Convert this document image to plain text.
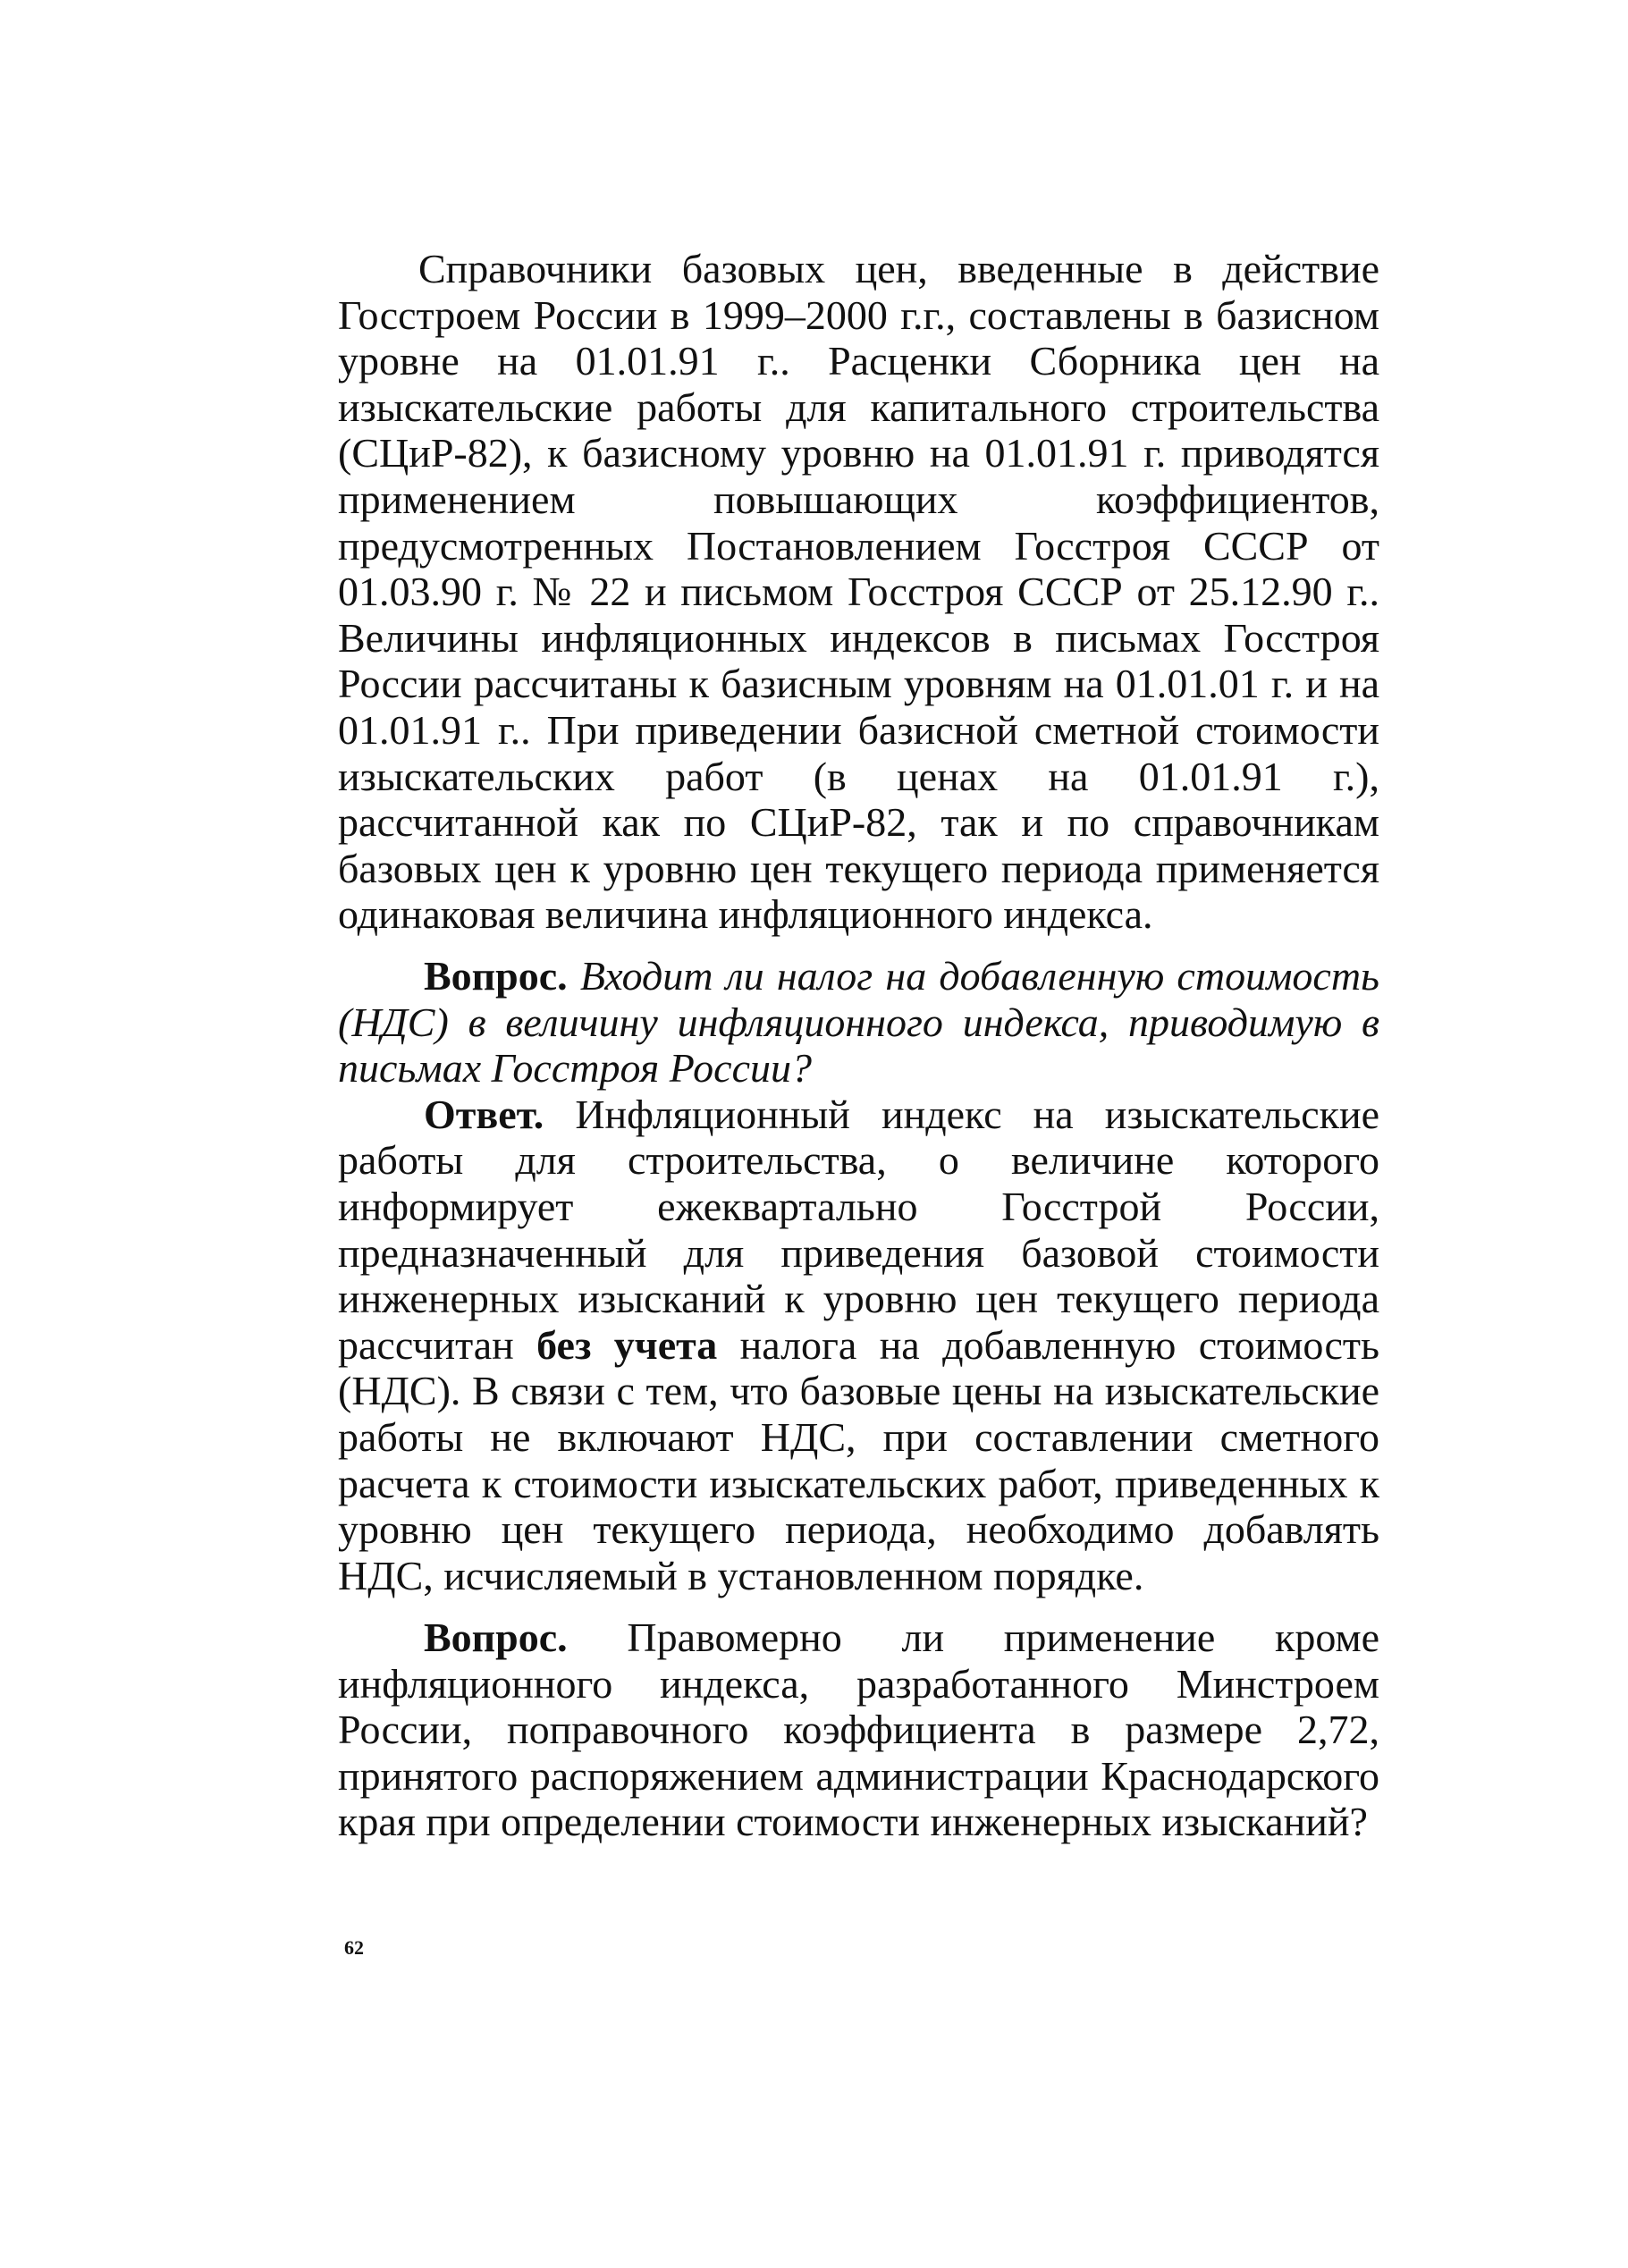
Справочники базовых цен, введенные в действие Госстроем России в 1999–2000 г.г., составлены в базисном уровне на 01.01.91 г.. Расценки Сборника цен на изыскательские работы для капитального строительства (СЦиР-82), к базисному уровню на 01.01.91 г. приводятся применением повышающих коэффициентов, предусмотренных Постановлением Госстроя СССР от 01.03.90 г. № 22 и письмом Госстроя СССР от 25.12.90 г.. Величины инфляционных индексов в письмах Госстроя России рассчитаны к базисным уровням на 01.01.01 г. и на 01.01.91 г.. При приведении базисной сметной стоимости изыскательских работ (в ценах на 01.01.91 г.), рассчитанной как по СЦиР-82, так и по справочникам базовых цен к уровню цен текущего периода применяется одинаковая величина инфляционного индекса.

Вопрос. Входит ли налог на добавленную стоимость (НДС) в величину инфляционного индекса, приводимую в письмах Госстроя России?

Ответ. Инфляционный индекс на изыскательские работы для строительства, о величине которого информирует ежеквартально Госстрой России, предназначенный для приведения базовой стоимости инженерных изысканий к уровню цен текущего периода рассчитан без учета налога на добавленную стоимость (НДС). В связи с тем, что базовые цены на изыскательские работы не включают НДС, при составлении сметного расчета к стоимости изыскательских работ, приведенных к уровню цен текущего периода, необходимо добавлять НДС, исчисляемый в установленном порядке.

Вопрос. Правомерно ли применение кроме инфляционного индекса, разработанного Минстроем России, поправочного коэффициента в размере 2,72, принятого распоряжением администрации Краснодарского края при определении стоимости инженерных изысканий?

62
